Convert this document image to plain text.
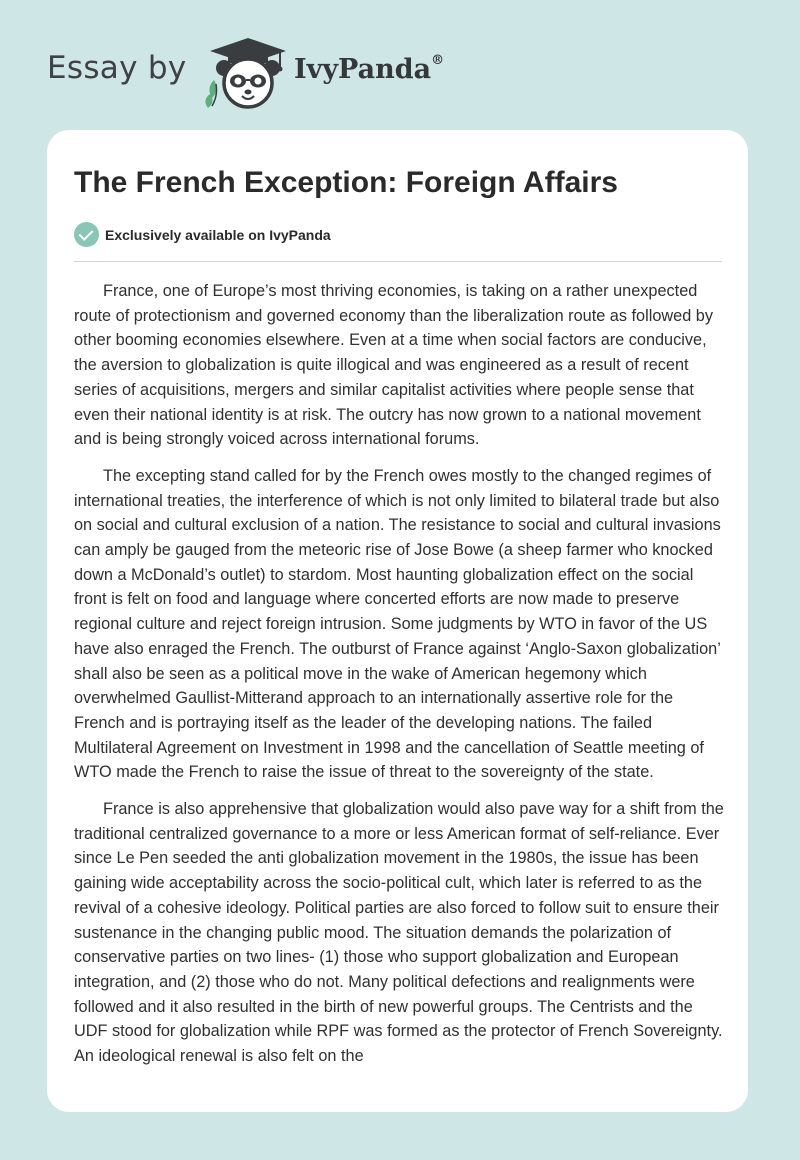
Essay by	IvyPanda®
The French Exception: Foreign Affairs
Exclusively available on IvyPanda

France, one of Europe’s most thriving economies, is taking on a rather unexpected route of protectionism and governed economy than the liberalization route as followed by other booming economies elsewhere. Even at a time when social factors are conducive, the aversion to globalization is quite illogical and was engineered as a result of recent series of acquisitions, mergers and similar capitalist activities where people sense that even their national identity is at risk. The outcry has now grown to a national movement and is being strongly voiced across international forums.

The excepting stand called for by the French owes mostly to the changed regimes of international treaties, the interference of which is not only limited to bilateral trade but also on social and cultural exclusion of a nation. The resistance to social and cultural invasions can amply be gauged from the meteoric rise of Jose Bowe (a sheep farmer who knocked down a McDonald’s outlet) to stardom. Most haunting globalization effect on the social front is felt on food and language where concerted efforts are now made to preserve regional culture and reject foreign intrusion. Some judgments by WTO in favor of the US have also enraged the French. The outburst of France against ‘Anglo-Saxon globalization’ shall also be seen as a political move in the wake of American hegemony which overwhelmed Gaullist-Mitterand approach to an internationally assertive role for the French and is portraying itself as the leader of the developing nations. The failed Multilateral Agreement on Investment in 1998 and the cancellation of Seattle meeting of WTO made the French to raise the issue of threat to the sovereignty of the state.

France is also apprehensive that globalization would also pave way for a shift from the traditional centralized governance to a more or less American format of self-reliance. Ever since Le Pen seeded the anti globalization movement in the 1980s, the issue has been gaining wide acceptability across the socio-political cult, which later is referred to as the revival of a cohesive ideology. Political parties are also forced to follow suit to ensure their sustenance in the changing public mood. The situation demands the polarization of conservative parties on two lines- (1) those who support globalization and European integration, and (2) those who do not. Many political defections and realignments were followed and it also resulted in the birth of new powerful groups. The Centrists and the UDF stood for globalization while RPF was formed as the protector of French Sovereignty. An ideological renewal is also felt on the
